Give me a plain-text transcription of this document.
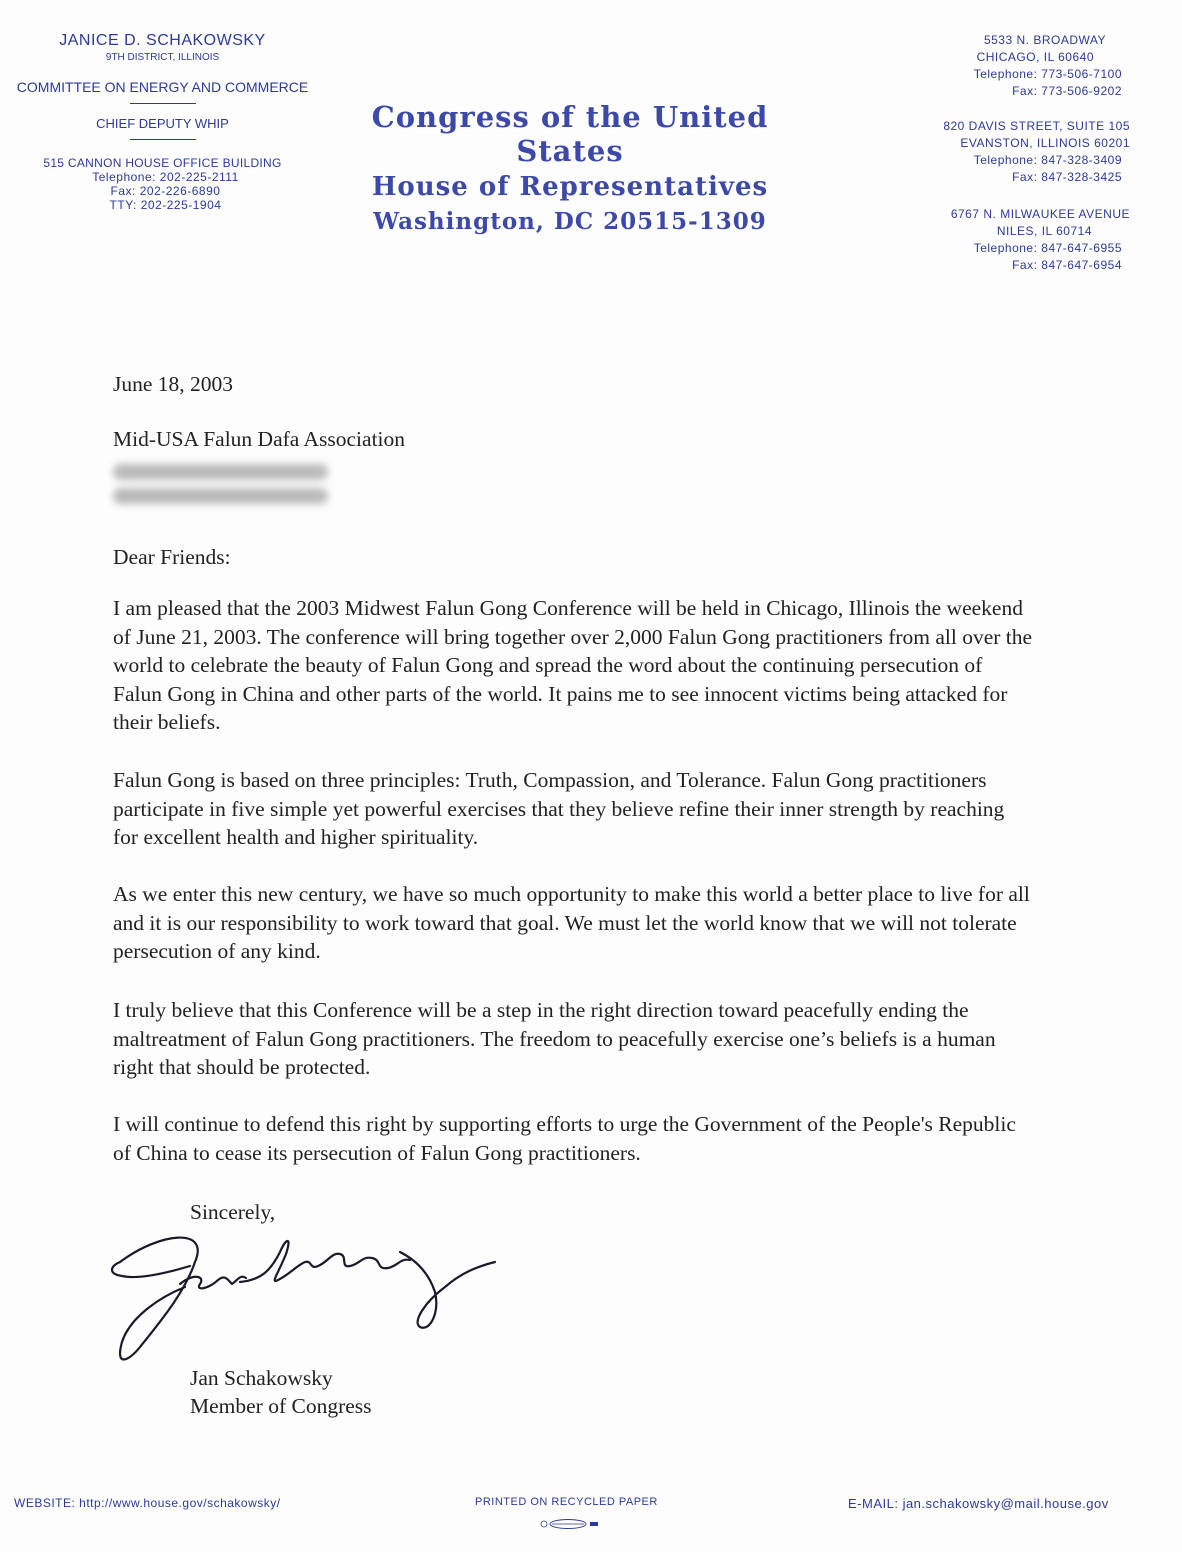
JANICE D. SCHAKOWSKY
9TH DISTRICT, ILLINOIS
COMMITTEE ON ENERGY AND COMMERCE
CHIEF DEPUTY WHIP
515 CANNON HOUSE OFFICE BUILDING
Telephone: 202-225-2111
Fax: 202-226-6890
TTY: 202-225-1904
Congress of the United States
House of Representatives
Washington, DC 20515-1309
5533 N. BROADWAY
CHICAGO, IL 60640
Telephone: 773-506-7100
Fax: 773-506-9202
820 DAVIS STREET, SUITE 105
EVANSTON, ILLINOIS 60201
Telephone: 847-328-3409
Fax: 847-328-3425
6767 N. MILWAUKEE AVENUE
NILES, IL 60714
Telephone: 847-647-6955
Fax: 847-647-6954
June 18, 2003
Mid-USA Falun Dafa Association
Dear Friends:
I am pleased that the 2003 Midwest Falun Gong Conference will be held in Chicago, Illinois the weekend of June 21, 2003. The conference will bring together over 2,000 Falun Gong practitioners from all over the world to celebrate the beauty of Falun Gong and spread the word about the continuing persecution of Falun Gong in China and other parts of the world. It pains me to see innocent victims being attacked for their beliefs.
Falun Gong is based on three principles: Truth, Compassion, and Tolerance. Falun Gong practitioners participate in five simple yet powerful exercises that they believe refine their inner strength by reaching for excellent health and higher spirituality.
As we enter this new century, we have so much opportunity to make this world a better place to live for all and it is our responsibility to work toward that goal. We must let the world know that we will not tolerate persecution of any kind.
I truly believe that this Conference will be a step in the right direction toward peacefully ending the maltreatment of Falun Gong practitioners. The freedom to peacefully exercise one’s beliefs is a human right that should be protected.
I will continue to defend this right by supporting efforts to urge the Government of the People's Republic of China to cease its persecution of Falun Gong practitioners.
Sincerely,
Jan Schakowsky
Member of Congress
WEBSITE: http://www.house.gov/schakowsky/	PRINTED ON RECYCLED PAPER	E-MAIL: jan.schakowsky@mail.house.gov
